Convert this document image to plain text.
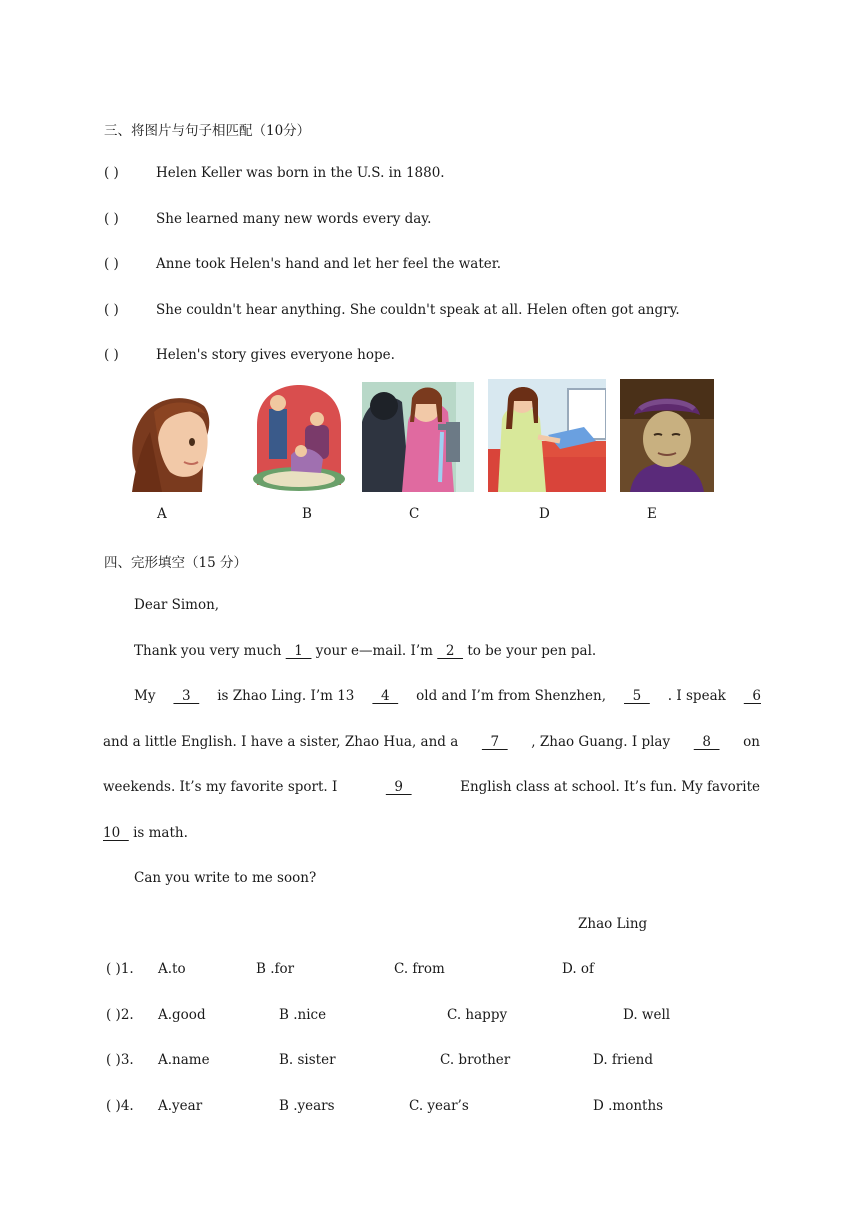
三、将图片与句子相匹配（10分）
( )	Helen Keller was born in the U.S. in 1880.
( )	She learned many new words every day.
( )	Anne took Helen's hand and let her feel the water.
( )	She couldn't hear anything. She couldn't speak at all. Helen often got angry.
( )	Helen's story gives everyone hope.
A	B	C	D	E
四、完形填空（15 分）
Dear Simon,
Thank you very much   1   your e—mail. I’m   2   to be your pen pal.
My 3 is Zhao Ling. I’m 13 4 old and I’m from Shenzhen, 5 . I speak 6
and a little English. I have a sister, Zhao Hua, and a 7 , Zhao Guang. I play 8 on
weekends. It’s my favorite sport. I	9	English class at school. It’s fun. My favorite
10   is math.
Can you write to me soon?
Zhao Ling
( )1. A.to	B .for	C. from	D. of
( )2. A.good	B .nice	C. happy	D. well
( )3. A.name	B. sister	C. brother	D. friend
( )4. A.year	B .years	C. year’s	D .months
